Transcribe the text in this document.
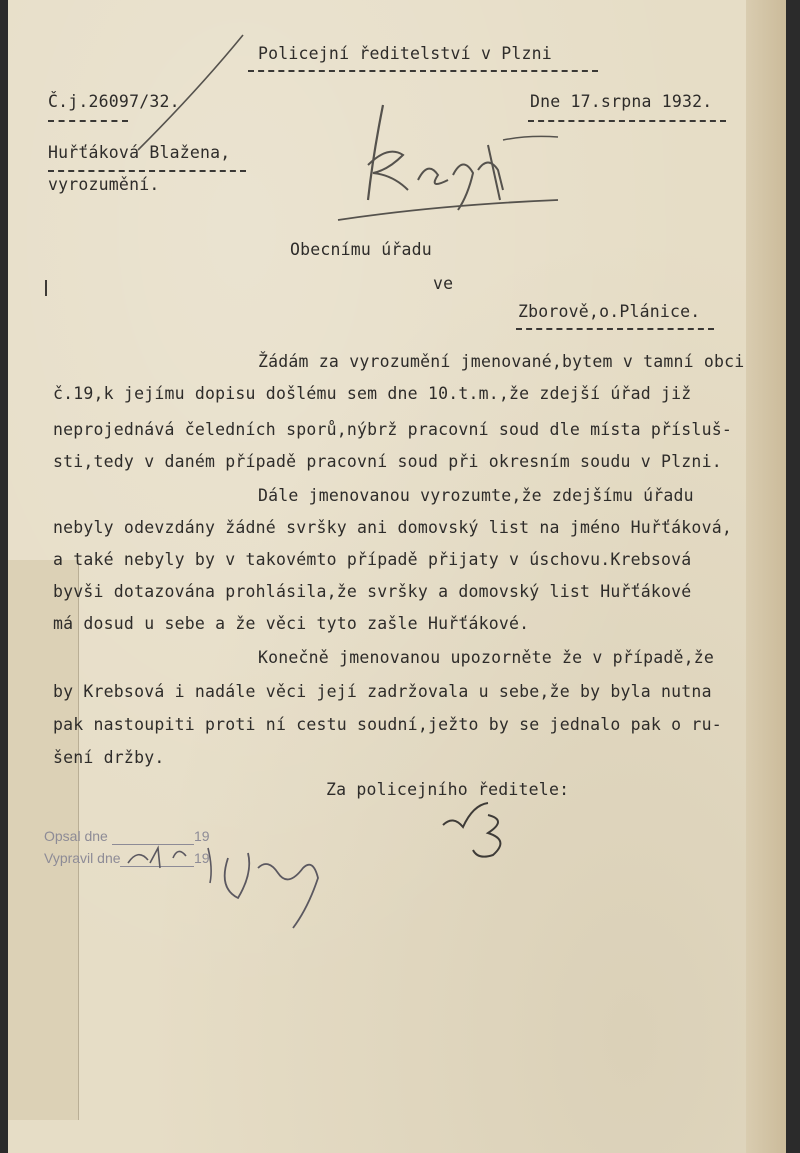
Policejní ředitelství v Plzni
Č.j.26097/32.	Dne 17.srpna 1932.
Huřťáková Blažena,
vyrozumění.
Obecnímu úřadu
ve
Zborově,o.Plánice.
Žádám za vyrozumění jmenované,bytem v tamní obci
č.19,k jejímu dopisu došlému sem dne 10.t.m.,že zdejší úřad již
neprojednává čeledních sporů,nýbrž pracovní soud dle místa přísluš-
sti,tedy v daném případě pracovní soud při okresním soudu v Plzni.
Dále jmenovanou vyrozumte,že zdejšímu úřadu
nebyly odevzdány žádné svršky ani domovský list na jméno Huřťáková,
a také nebyly by v takovémto případě přijaty v úschovu.Krebsová
byvši dotazována prohlásila,že svršky a domovský list Huřťákové
má dosud u sebe a že věci tyto zašle Huřťákové.
Konečně jmenovanou upozorněte že v případě,že
by Krebsová i nadále věci její zadržovala u sebe,že by byla nutna
pak nastoupiti proti ní cestu soudní,ježto by se jednalo pak o ru-
šení držby.
Za policejního ředitele:
Opsal dne	19
Vypravil dne	19
